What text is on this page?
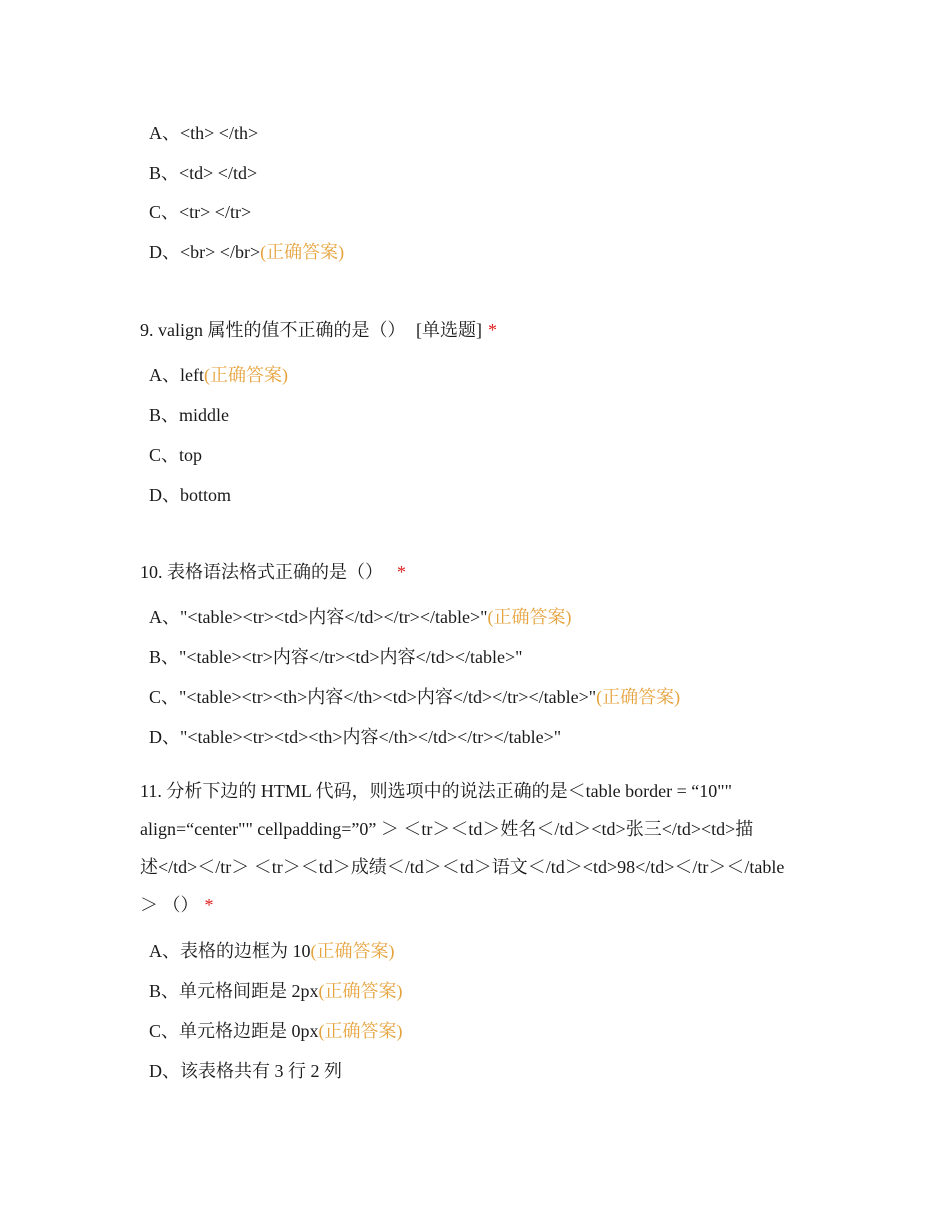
A、<th> </th>
B、<td> </td>
C、<tr> </tr>
D、<br> </br>(正确答案)
9. valign 属性的值不正确的是（） [单选题] *
A、left(正确答案)
B、middle
C、top
D、bottom
10. 表格语法格式正确的是（） *
A、"<table><tr><td>内容</td></tr></table>"(正确答案)
B、"<table><tr>内容</tr><td>内容</td></table>"
C、"<table><tr><th>内容</th><td>内容</td></tr></table>"(正确答案)
D、"<table><tr><td><th>内容</th></td></tr></table>"
11. 分析下边的 HTML 代码，则选项中的说法正确的是＜table border = “10""
align=“center"" cellpadding=”0” ＞ ＜tr＞＜td＞姓名＜/td＞<td>张三</td><td>描
述</td>＜/tr＞ ＜tr＞＜td＞成绩＜/td＞＜td＞语文＜/td＞<td>98</td>＜/tr＞＜/table
＞ （） *
A、表格的边框为 10(正确答案)
B、单元格间距是 2px(正确答案)
C、单元格边距是 0px(正确答案)
D、该表格共有 3 行 2 列
